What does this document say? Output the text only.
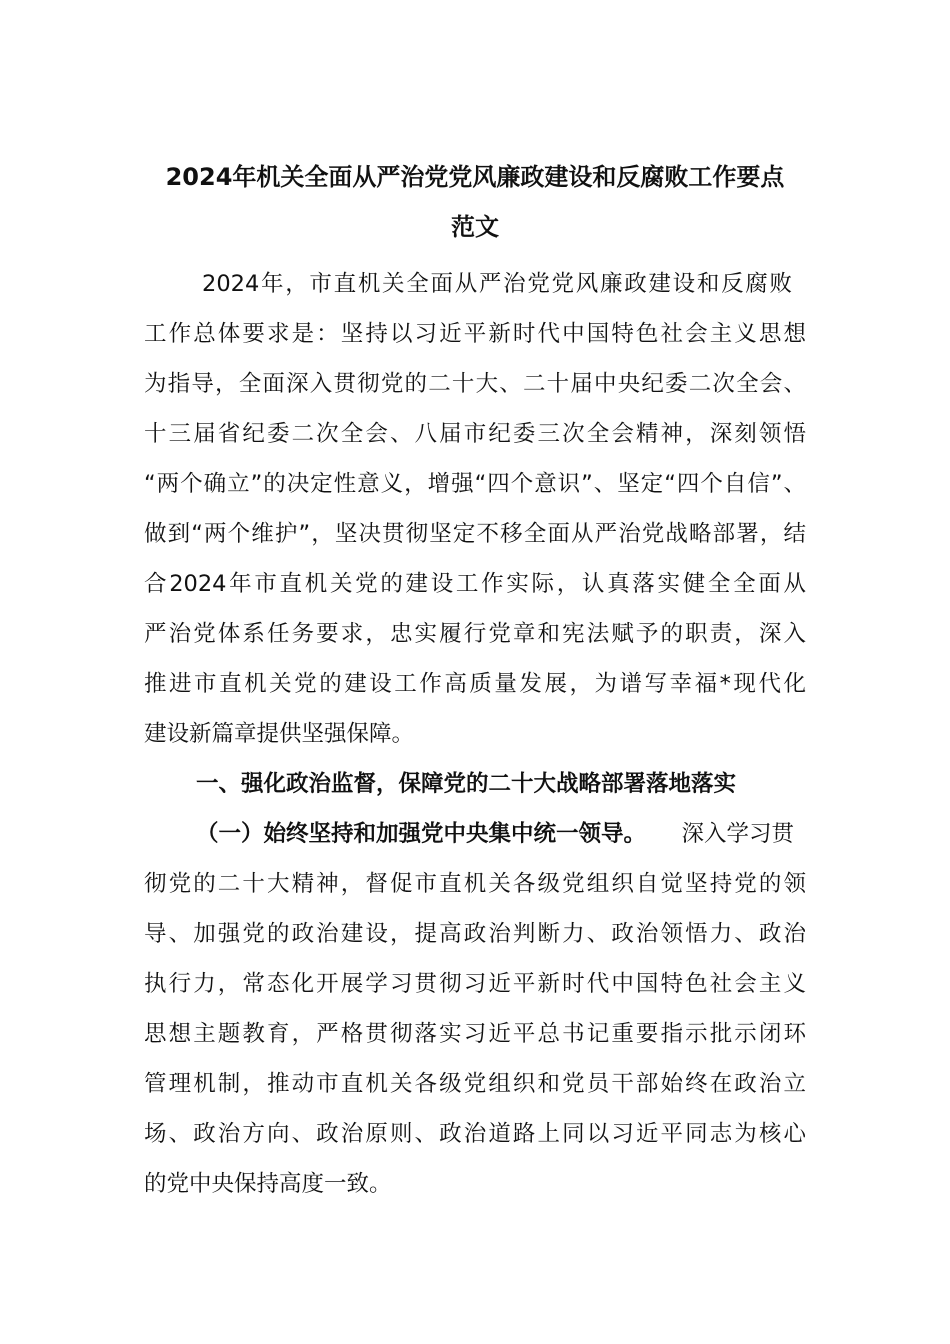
2024年机关全面从严治党党风廉政建设和反腐败工作要点
范文

2024年，市直机关全面从严治党党风廉政建设和反腐败

工作总体要求是：坚持以习近平新时代中国特色社会主义思想

为指导，全面深入贯彻党的二十大、二十届中央纪委二次全会、

十三届省纪委二次全会、八届市纪委三次全会精神，深刻领悟

“两个确立”的决定性意义，增强“四个意识”、坚定“四个自信”、

做到“两个维护”，坚决贯彻坚定不移全面从严治党战略部署，结

合2024年市直机关党的建设工作实际，认真落实健全全面从

严治党体系任务要求，忠实履行党章和宪法赋予的职责，深入

推进市直机关党的建设工作高质量发展，为谱写幸福*现代化

建设新篇章提供坚强保障。

一、强化政治监督，保障党的二十大战略部署落地落实

（一）始终坚持和加强党中央集中统一领导。 深入学习贯

彻党的二十大精神，督促市直机关各级党组织自觉坚持党的领

导、加强党的政治建设，提高政治判断力、政治领悟力、政治

执行力，常态化开展学习贯彻习近平新时代中国特色社会主义

思想主题教育，严格贯彻落实习近平总书记重要指示批示闭环

管理机制，推动市直机关各级党组织和党员干部始终在政治立

场、政治方向、政治原则、政治道路上同以习近平同志为核心

的党中央保持高度一致。
